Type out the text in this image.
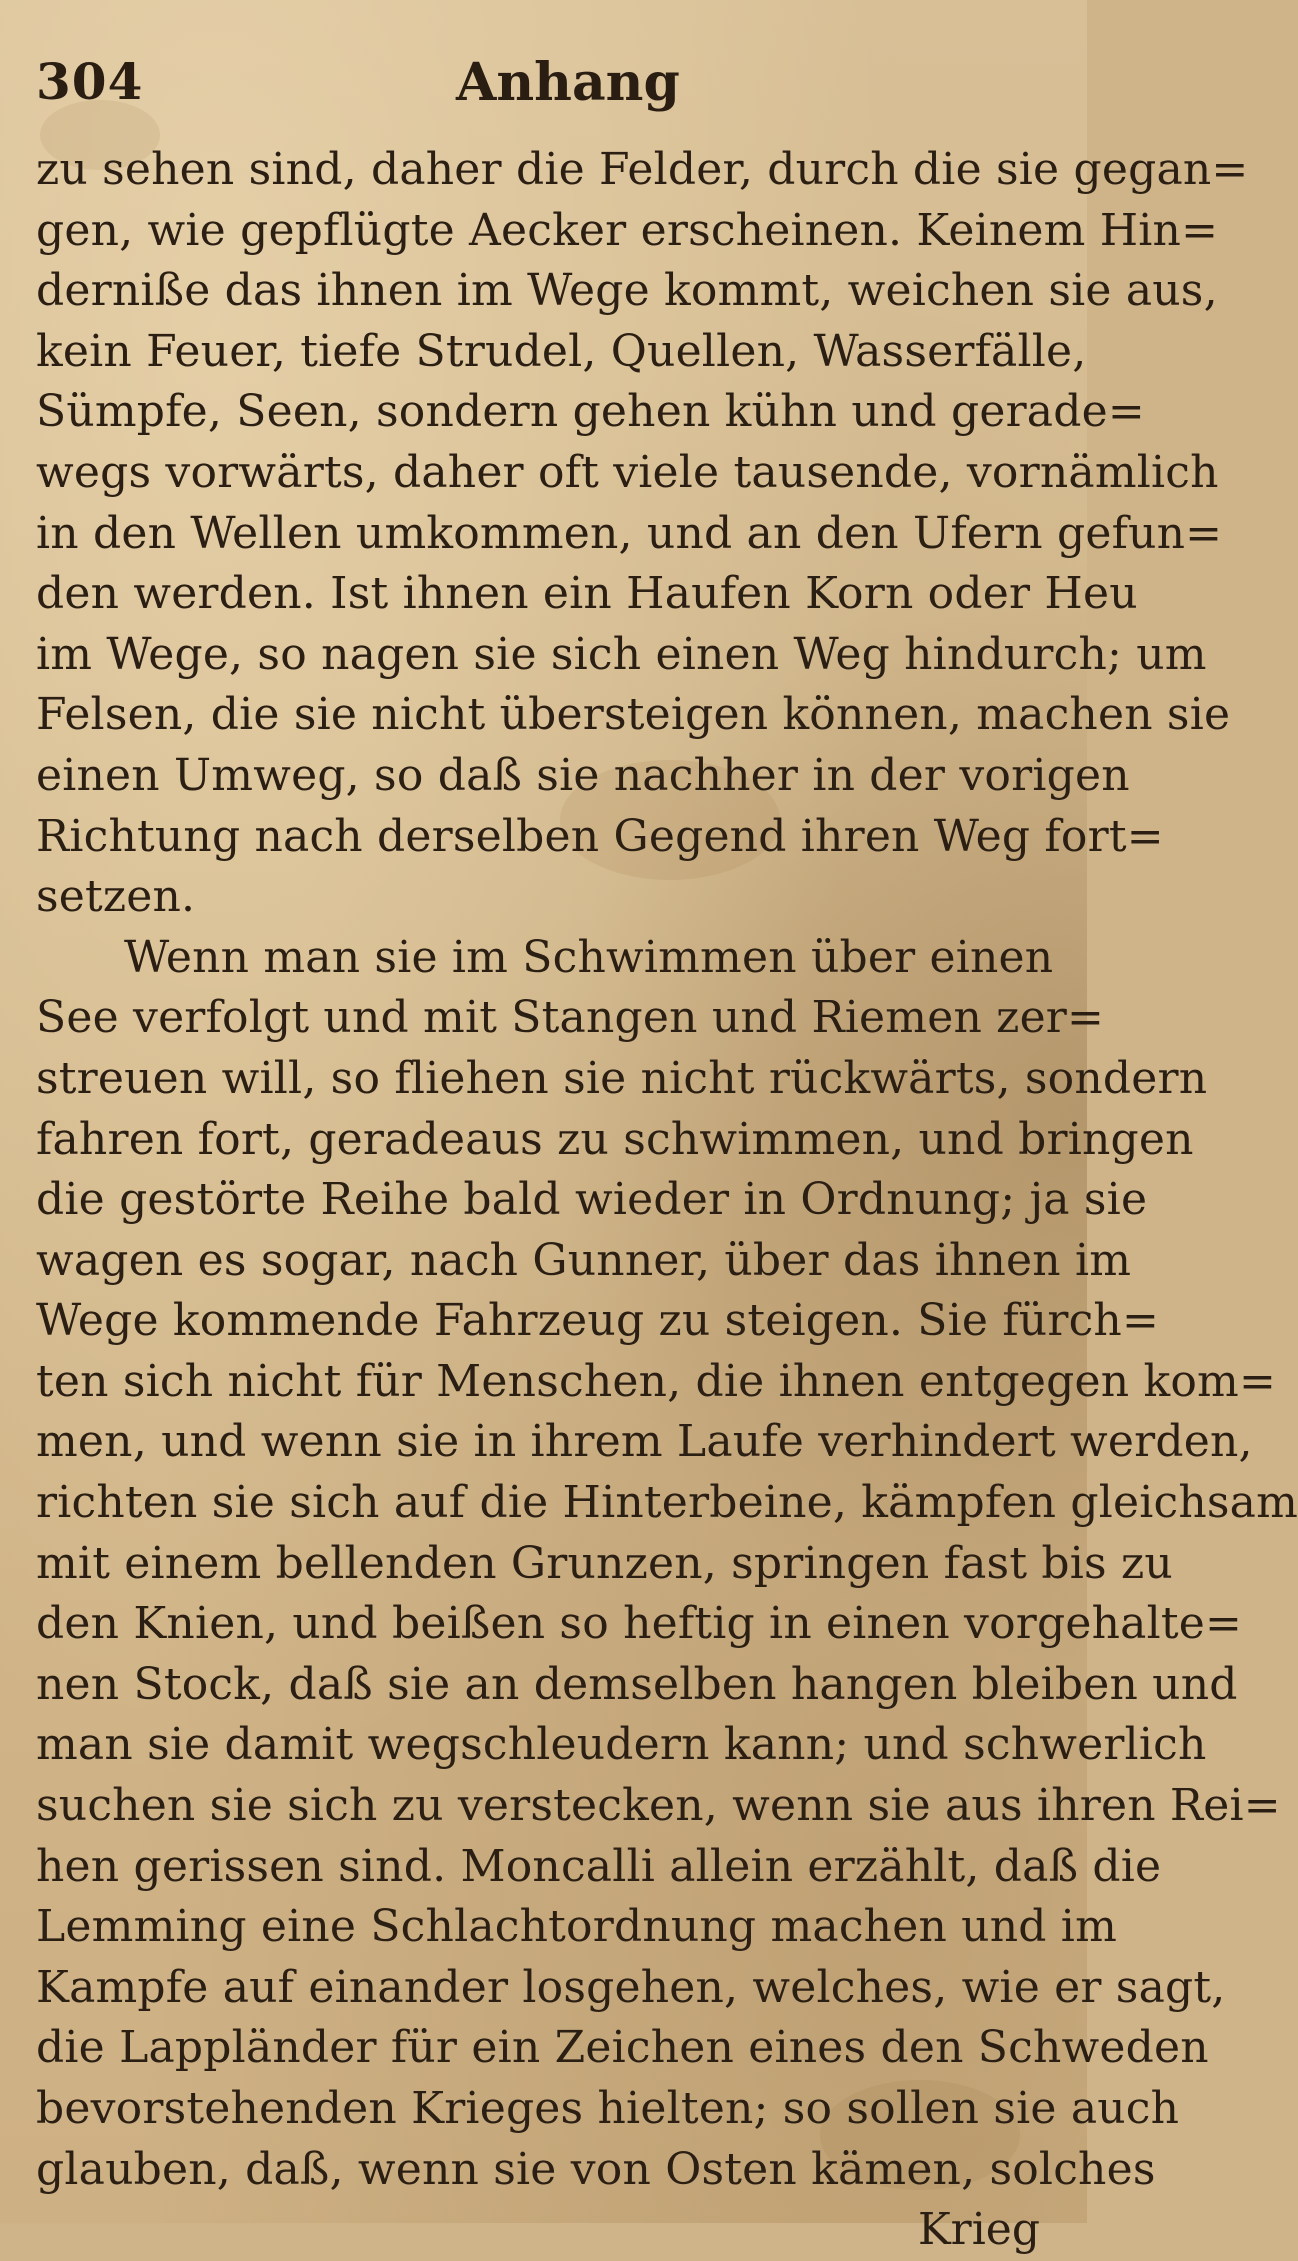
304	Anhang
zu sehen sind, daher die Felder, durch die sie gegan=
gen, wie gepflügte Aecker erscheinen. Keinem Hin=
derniße das ihnen im Wege kommt, weichen sie aus,
kein Feuer, tiefe Strudel, Quellen, Wasserfälle,
Sümpfe, Seen, sondern gehen kühn und gerade=
wegs vorwärts, daher oft viele tausende, vornämlich
in den Wellen umkommen, und an den Ufern gefun=
den werden. Ist ihnen ein Haufen Korn oder Heu
im Wege, so nagen sie sich einen Weg hindurch; um
Felsen, die sie nicht übersteigen können, machen sie
einen Umweg, so daß sie nachher in der vorigen
Richtung nach derselben Gegend ihren Weg fort=
setzen.
Wenn man sie im Schwimmen über einen
See verfolgt und mit Stangen und Riemen zer=
streuen will, so fliehen sie nicht rückwärts, sondern
fahren fort, geradeaus zu schwimmen, und bringen
die gestörte Reihe bald wieder in Ordnung; ja sie
wagen es sogar, nach Gunner, über das ihnen im
Wege kommende Fahrzeug zu steigen. Sie fürch=
ten sich nicht für Menschen, die ihnen entgegen kom=
men, und wenn sie in ihrem Laufe verhindert werden,
richten sie sich auf die Hinterbeine, kämpfen gleichsam
mit einem bellenden Grunzen, springen fast bis zu
den Knien, und beißen so heftig in einen vorgehalte=
nen Stock, daß sie an demselben hangen bleiben und
man sie damit wegschleudern kann; und schwerlich
suchen sie sich zu verstecken, wenn sie aus ihren Rei=
hen gerissen sind. Moncalli allein erzählt, daß die
Lemming eine Schlachtordnung machen und im
Kampfe auf einander losgehen, welches, wie er sagt,
die Lappländer für ein Zeichen eines den Schweden
bevorstehenden Krieges hielten; so sollen sie auch
glauben, daß, wenn sie von Osten kämen, solches
Krieg
